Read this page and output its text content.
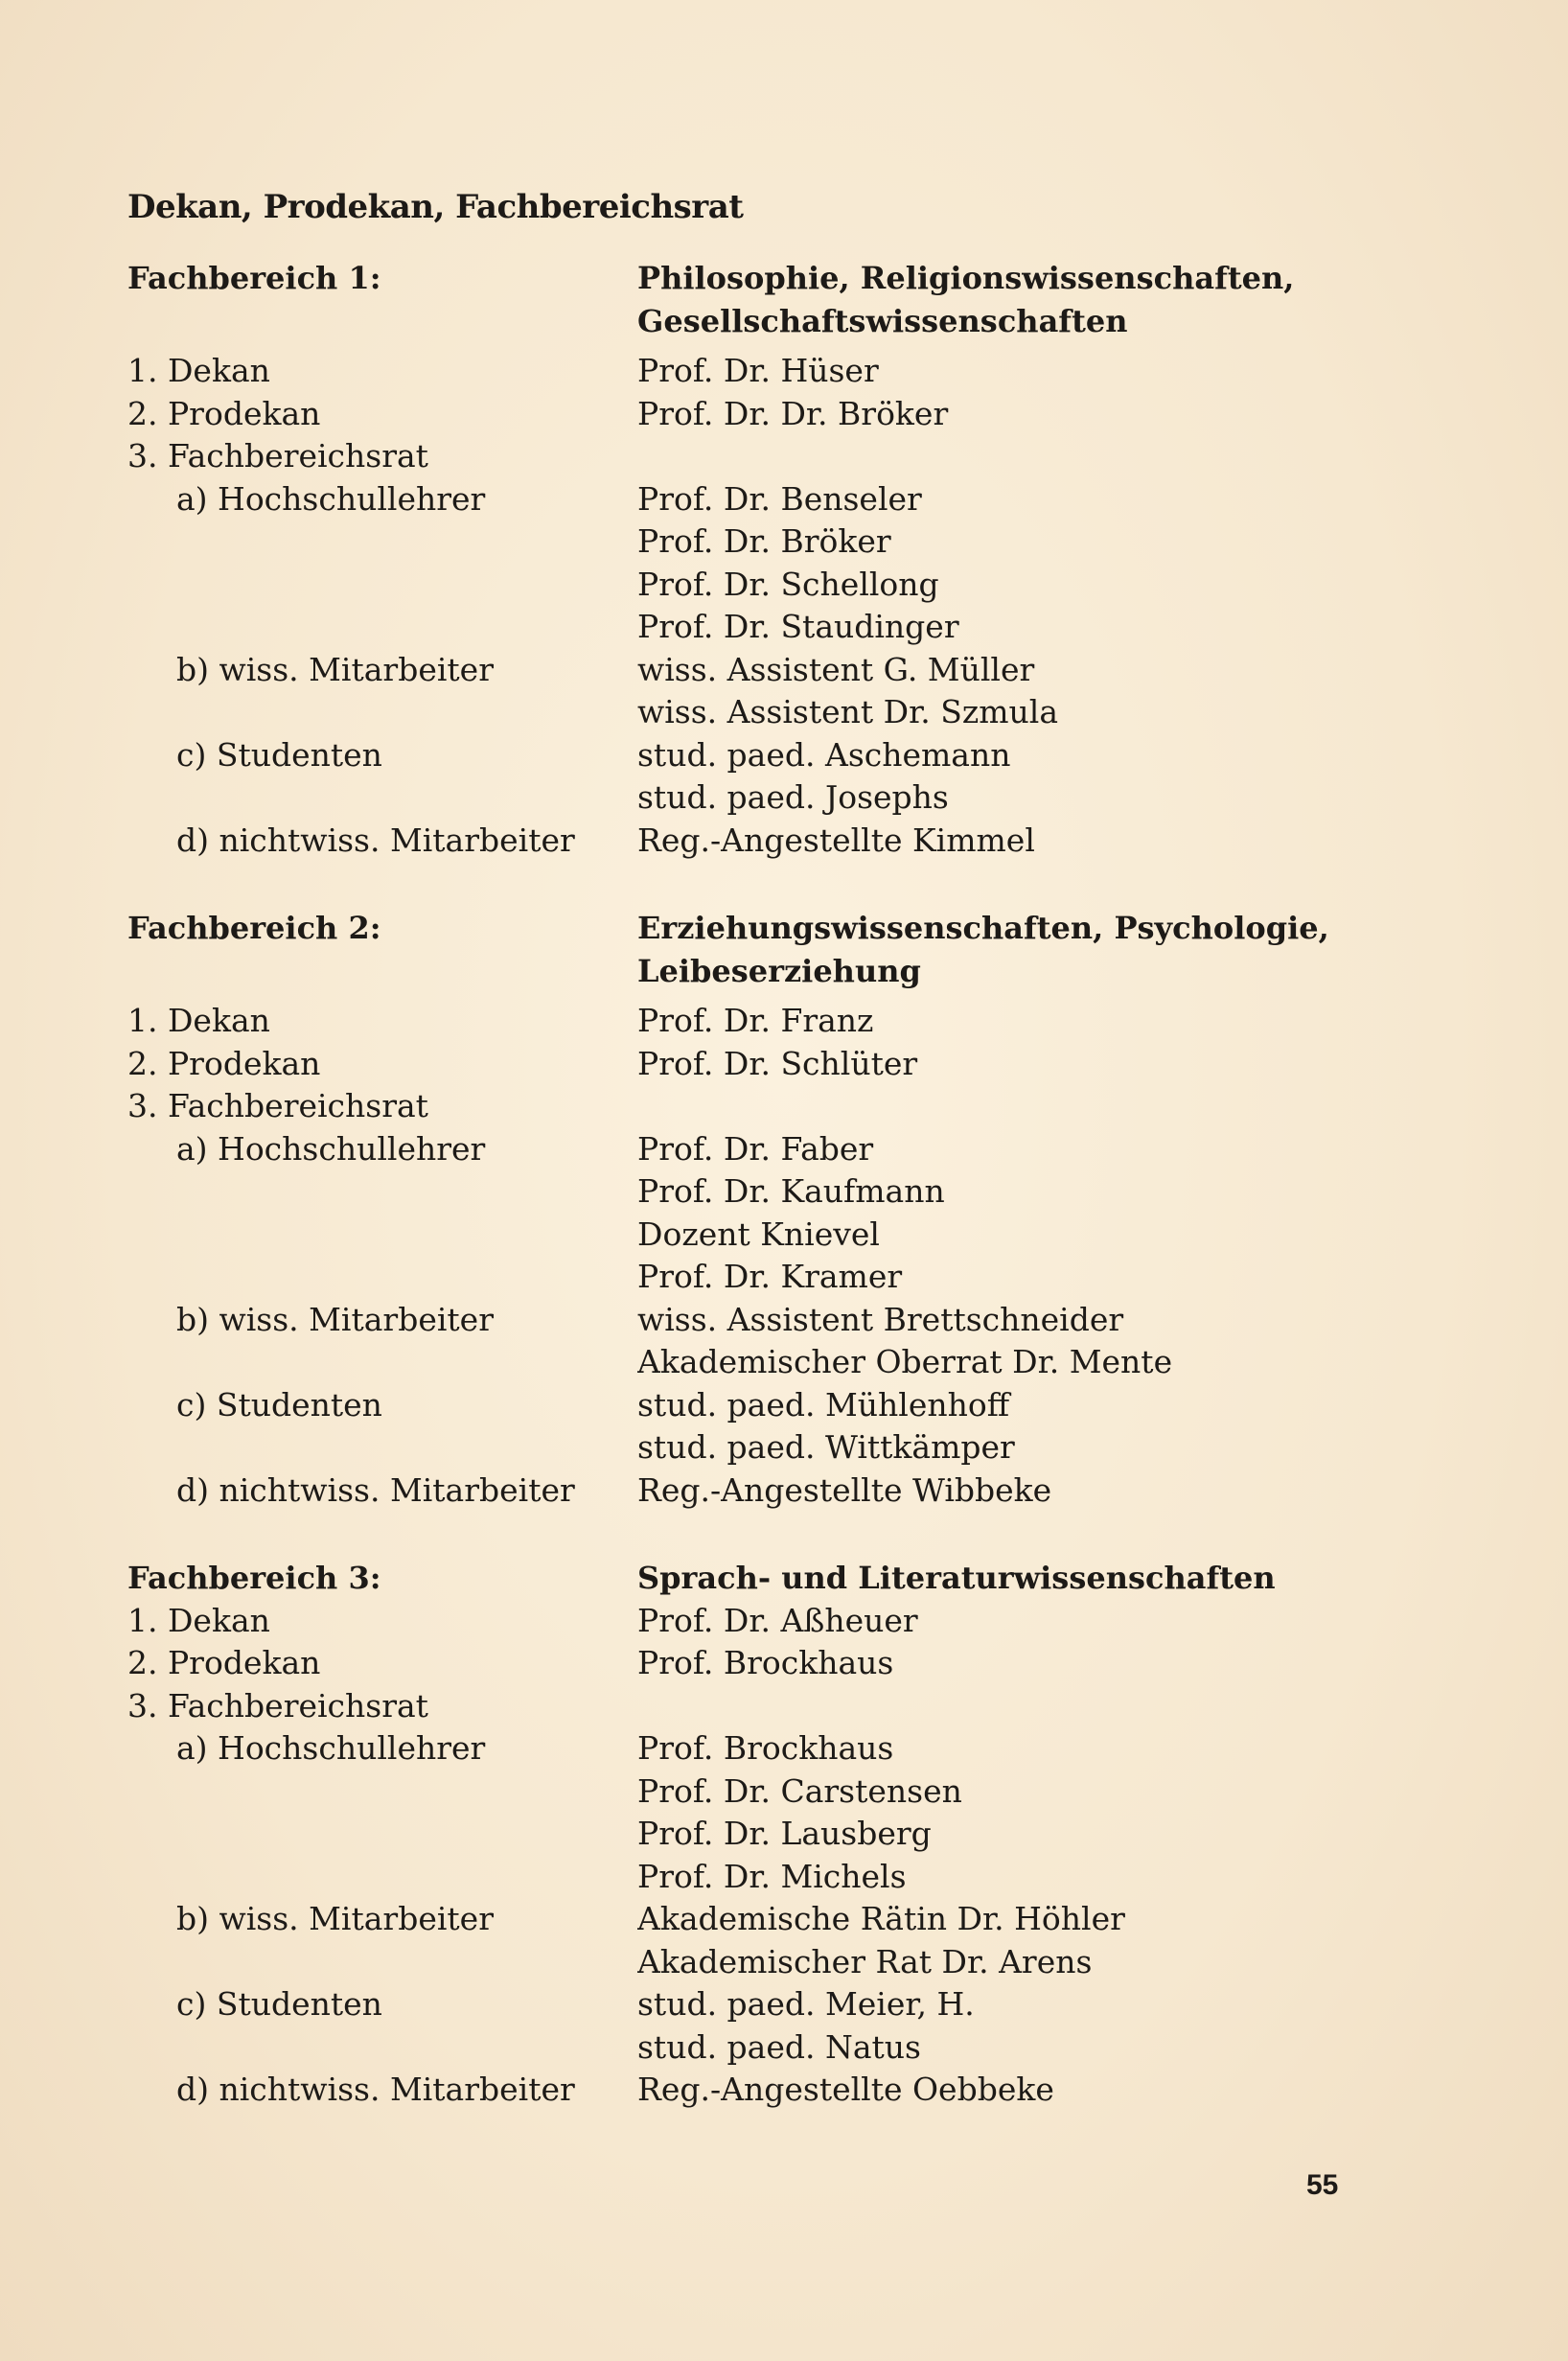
Dekan, Prodekan, Fachbereichsrat
Fachbereich 1:	Philosophie, Religionswissenschaften,
Gesellschaftswissenschaften
1. Dekan	Prof. Dr. Hüser
2. Prodekan	Prof. Dr. Dr. Bröker
3. Fachbereichsrat
a) Hochschullehrer	Prof. Dr. Benseler
Prof. Dr. Bröker
Prof. Dr. Schellong
Prof. Dr. Staudinger
b) wiss. Mitarbeiter	wiss. Assistent G. Müller
wiss. Assistent Dr. Szmula
c) Studenten	stud. paed. Aschemann
stud. paed. Josephs
d) nichtwiss. Mitarbeiter	Reg.-Angestellte Kimmel
Fachbereich 2:	Erziehungswissenschaften, Psychologie,
Leibeserziehung
1. Dekan	Prof. Dr. Franz
2. Prodekan	Prof. Dr. Schlüter
3. Fachbereichsrat
a) Hochschullehrer	Prof. Dr. Faber
Prof. Dr. Kaufmann
Dozent Knievel
Prof. Dr. Kramer
b) wiss. Mitarbeiter	wiss. Assistent Brettschneider
Akademischer Oberrat Dr. Mente
c) Studenten	stud. paed. Mühlenhoff
stud. paed. Wittkämper
d) nichtwiss. Mitarbeiter	Reg.-Angestellte Wibbeke
Fachbereich 3:	Sprach- und Literaturwissenschaften
1. Dekan	Prof. Dr. Aßheuer
2. Prodekan	Prof. Brockhaus
3. Fachbereichsrat
a) Hochschullehrer	Prof. Brockhaus
Prof. Dr. Carstensen
Prof. Dr. Lausberg
Prof. Dr. Michels
b) wiss. Mitarbeiter	Akademische Rätin Dr. Höhler
Akademischer Rat Dr. Arens
c) Studenten	stud. paed. Meier, H.
stud. paed. Natus
d) nichtwiss. Mitarbeiter	Reg.-Angestellte Oebbeke
55
